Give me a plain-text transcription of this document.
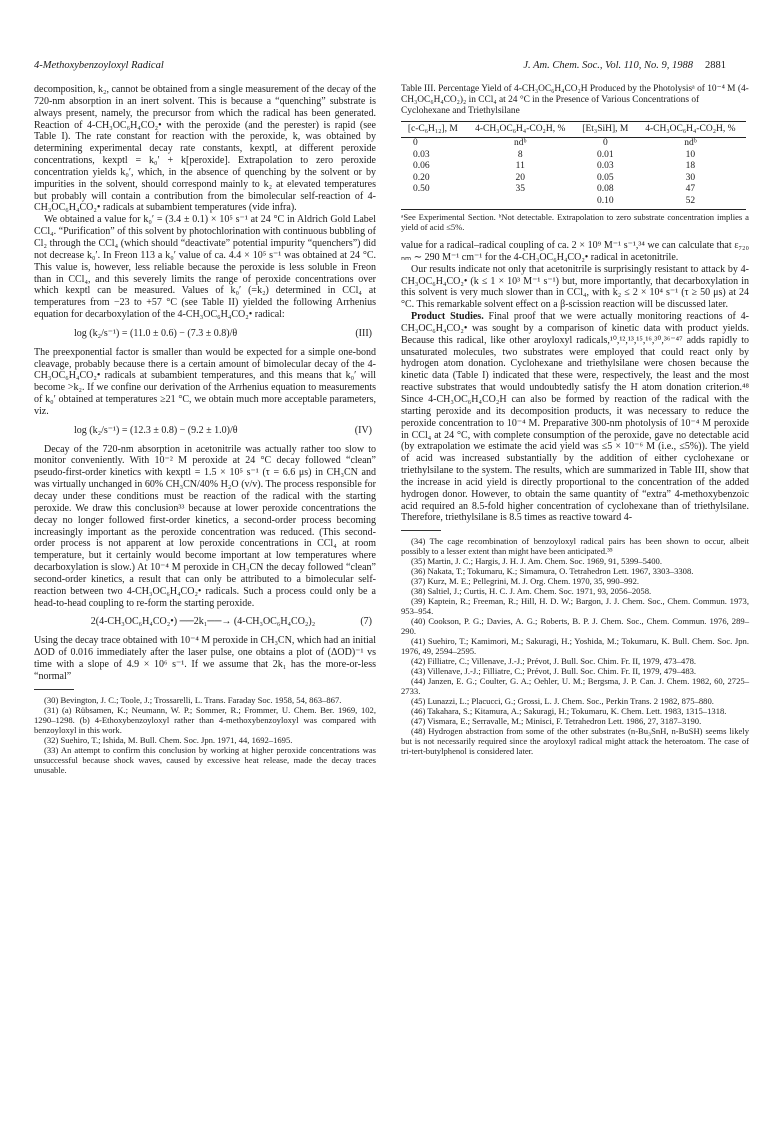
4-Methoxybenzoyloxyl Radical	J. Am. Chem. Soc., Vol. 110, No. 9, 1988 2881

decomposition, k₂, cannot be obtained from a single measurement of the decay of the 720-nm absorption in an inert solvent. This is because a “quenching” substrate is always present, namely, the precursor from which the radical has been generated. Reaction of 4-CH₃OC₆H₄CO₂• with the peroxide (and the perester) is rapid (see Table I). The rate constant for reaction with the peroxide, k, was obtained by determining experimental decay rate constants, kexptl, at different peroxide concentrations, kexptl = k₀′ + k[peroxide]. Extrapolation to zero peroxide concentration yields k₀′, which, in the absence of quenching by the solvent or by impurities in the solvent, should correspond mainly to k₂ at elevated temperatures but probably will contain a contribution from the bimolecular self-reaction of 4-CH₃OC₆H₄CO₂• radicals at subambient temperatures (vide infra).

We obtained a value for k₀′ = (3.4 ± 0.1) × 10⁵ s⁻¹ at 24 °C in Aldrich Gold Label CCl₄. “Purification” of this solvent by photochlorination with continuous bubbling of Cl₂ through the CCl₄ (which should “deactivate” potential impurity “quenchers”) did not decrease k₀′. In Freon 113 a k₀′ value of ca. 4.4 × 10⁵ s⁻¹ was obtained at 24 °C. This value is, however, less reliable because the peroxide is less soluble in Freon than in CCl₄, and this severely limits the range of peroxide concentrations over which kexptl can be measured. Values of k₀′ (=k₂) determined in CCl₄ at temperatures from −23 to +57 °C (see Table II) yielded the following Arrhenius equation for decarboxylation of the 4-CH₃OC₆H₄CO₂• radical:

log (k₂/s⁻¹) = (11.0 ± 0.6) − (7.3 ± 0.8)/θ	(III)

The preexponential factor is smaller than would be expected for a simple one-bond cleavage, probably because there is a certain amount of bimolecular decay of the 4-CH₃OC₆H₄CO₂• radicals at subambient temperatures, and this means that k₀′ will become >k₂. If we confine our derivation of the Arrhenius equation to measurements of k₀′ obtained at temperatures ≥21 °C, we obtain much more acceptable parameters, viz.

log (k₂/s⁻¹) = (12.3 ± 0.8) − (9.2 ± 1.0)/θ	(IV)

Decay of the 720-nm absorption in acetonitrile was actually rather too slow to monitor conveniently. With 10⁻² M peroxide at 24 °C decay followed “clean” pseudo-first-order kinetics with kexptl = 1.5 × 10⁵ s⁻¹ (τ = 6.6 μs) in CH₃CN and was virtually unchanged in 60% CH₃CN/40% H₂O (v/v). The process responsible for decay under these conditions must be reaction of the radical with the starting peroxide. We draw this conclusion³³ because at lower peroxide concentrations the decay no longer followed first-order kinetics, a second-order process becoming increasingly important as the peroxide concentration was reduced. (This second-order process is not apparent at low peroxide concentrations in CCl₄ at room temperature, but it certainly would become important at low temperatures where decarboxylation is slow.) At 10⁻⁴ M peroxide in CH₃CN the decay followed “clean” second-order kinetics, a result that can only be attributed to a bimolecular self-reaction between two 4-CH₃OC₆H₄CO₂• radicals. Such a process could only be a head-to-head coupling to re-form the starting peroxide.

2(4-CH₃OC₆H₄CO₂•) ──2k₁──→ (4-CH₃OC₆H₄CO₂)₂	(7)

Using the decay trace obtained with 10⁻⁴ M peroxide in CH₃CN, which had an initial ΔOD of 0.016 immediately after the laser pulse, one obtains a plot of (ΔOD)⁻¹ vs time with a slope of 4.9 × 10⁶ s⁻¹. If we assume that 2k₁ has the more-or-less “normal”

(30) Bevington, J. C.; Toole, J.; Trossarelli, L. Trans. Faraday Soc. 1958, 54, 863–867.

(31) (a) Rübsamen, K.; Neumann, W. P.; Sommer, R.; Frommer, U. Chem. Ber. 1969, 102, 1290–1298. (b) 4-Ethoxybenzoyloxyl rather than 4-methoxybenzoyloxyl was compared with benzoyloxyl in this work.

(32) Suehiro, T.; Ishida, M. Bull. Chem. Soc. Jpn. 1971, 44, 1692–1695.

(33) An attempt to confirm this conclusion by working at higher peroxide concentrations was unsuccessful because shock waves, caused by excessive heat release, made the decay traces unusable.

Table III. Percentage Yield of 4-CH₃OC₆H₄CO₂H Produced by the Photolysisᵃ of 10⁻⁴ M (4-CH₃OC₆H₄CO₂)₂ in CCl₄ at 24 °C in the Presence of Various Concentrations of Cyclohexane and Triethylsilane
[c-C₆H₁₂], M	4-CH₃OC₆H₄-CO₂H, %	[Et₃SiH], M	4-CH₃OC₆H₄-CO₂H, %
0	ndᵇ	0	ndᵇ
0.03	8	0.01	10
0.06	11	0.03	18
0.20	20	0.05	30
0.50	35	0.08	47
		0.10	52
ᵃSee Experimental Section. ᵇNot detectable. Extrapolation to zero substrate concentration implies a yield of acid ≤5%.

value for a radical–radical coupling of ca. 2 × 10⁹ M⁻¹ s⁻¹,³⁴ we can calculate that ε₇₂₀ ₙₘ ∼ 290 M⁻¹ cm⁻¹ for the 4-CH₃OC₆H₄CO₂• radical in acetonitrile.

Our results indicate not only that acetonitrile is surprisingly resistant to attack by 4-CH₃OC₆H₄CO₂• (k ≤ 1 × 10³ M⁻¹ s⁻¹) but, more importantly, that decarboxylation in this solvent is very much slower than in CCl₄, with k₂ ≤ 2 × 10⁴ s⁻¹ (τ ≥ 50 μs) at 24 °C. This remarkable solvent effect on a β-scission reaction will be discussed later.

Product Studies. Final proof that we were actually monitoring reactions of 4-CH₃OC₆H₄CO₂• was sought by a comparison of kinetic data with product yields. Because this radical, like other aroyloxyl radicals,¹⁰,¹²,¹³,¹⁵,¹⁶,³⁰,³⁶⁻⁴⁷ adds rapidly to unsaturated molecules, two substrates were employed that could react only by hydrogen atom donation. Cyclohexane and triethylsilane were chosen because the kinetic data (Table I) indicated that these were, respectively, the least and the most reactive substrates that would undoubtedly satisfy the H atom donation criterion.⁴⁸ Since 4-CH₃OC₆H₄CO₂H can also be formed by reaction of the radical with the starting peroxide and its decomposition products, it was necessary to reduce the peroxide concentration to 10⁻⁴ M. Preparative 300-nm photolysis of 10⁻⁴ M peroxide in CCl₄ at 24 °C, with complete consumption of the peroxide, gave no detectable acid (by extrapolation we estimate the acid yield was ≤5 × 10⁻⁶ M (i.e., ≤5%)). The yield of acid was increased substantially by the addition of either cyclohexane or triethylsilane to the system. The results, which are summarized in Table III, show that the increase in acid yield is directly proportional to the concentration of the added hydrogen donor. However, to obtain the same quantity of “extra” 4-methoxybenzoic acid required an 8.5-fold higher concentration of cyclohexane than of triethylsilane. Therefore, triethylsilane is 8.5 times as reactive toward 4-

(34) The cage recombination of benzoyloxyl radical pairs has been shown to occur, albeit possibly to a lesser extent than might have been anticipated.³⁵

(35) Martin, J. C.; Hargis, J. H. J. Am. Chem. Soc. 1969, 91, 5399–5400.

(36) Nakata, T.; Tokumaru, K.; Simamura, O. Tetrahedron Lett. 1967, 3303–3308.

(37) Kurz, M. E.; Pellegrini, M. J. Org. Chem. 1970, 35, 990–992.

(38) Saltiel, J.; Curtis, H. C. J. Am. Chem. Soc. 1971, 93, 2056–2058.

(39) Kaptein, R.; Freeman, R.; Hill, H. D. W.; Bargon, J. J. Chem. Soc., Chem. Commun. 1973, 953–954.

(40) Cookson, P. G.; Davies, A. G.; Roberts, B. P. J. Chem. Soc., Chem. Commun. 1976, 289–290.

(41) Suehiro, T.; Kamimori, M.; Sakuragi, H.; Yoshida, M.; Tokumaru, K. Bull. Chem. Soc. Jpn. 1976, 49, 2594–2595.

(42) Filliatre, C.; Villenave, J.-J.; Prévot, J. Bull. Soc. Chim. Fr. II, 1979, 473–478.

(43) Villenave, J.-J.; Filliatre, C.; Prévot, J. Bull. Soc. Chim. Fr. II, 1979, 479–483.

(44) Janzen, E. G.; Coulter, G. A.; Oehler, U. M.; Bergsma, J. P. Can. J. Chem. 1982, 60, 2725–2733.

(45) Lunazzi, L.; Placucci, G.; Grossi, L. J. Chem. Soc., Perkin Trans. 2 1982, 875–880.

(46) Takahara, S.; Kitamura, A.; Sakuragi, H.; Tokumaru, K. Chem. Lett. 1983, 1315–1318.

(47) Vismara, E.; Serravalle, M.; Minisci, F. Tetrahedron Lett. 1986, 27, 3187–3190.

(48) Hydrogen abstraction from some of the other substrates (n-Bu₃SnH, n-BuSH) seems likely but is not necessarily required since the aroyloxyl radical might attack the heteroatom. The case of tri-tert-butylphenol is considered later.
